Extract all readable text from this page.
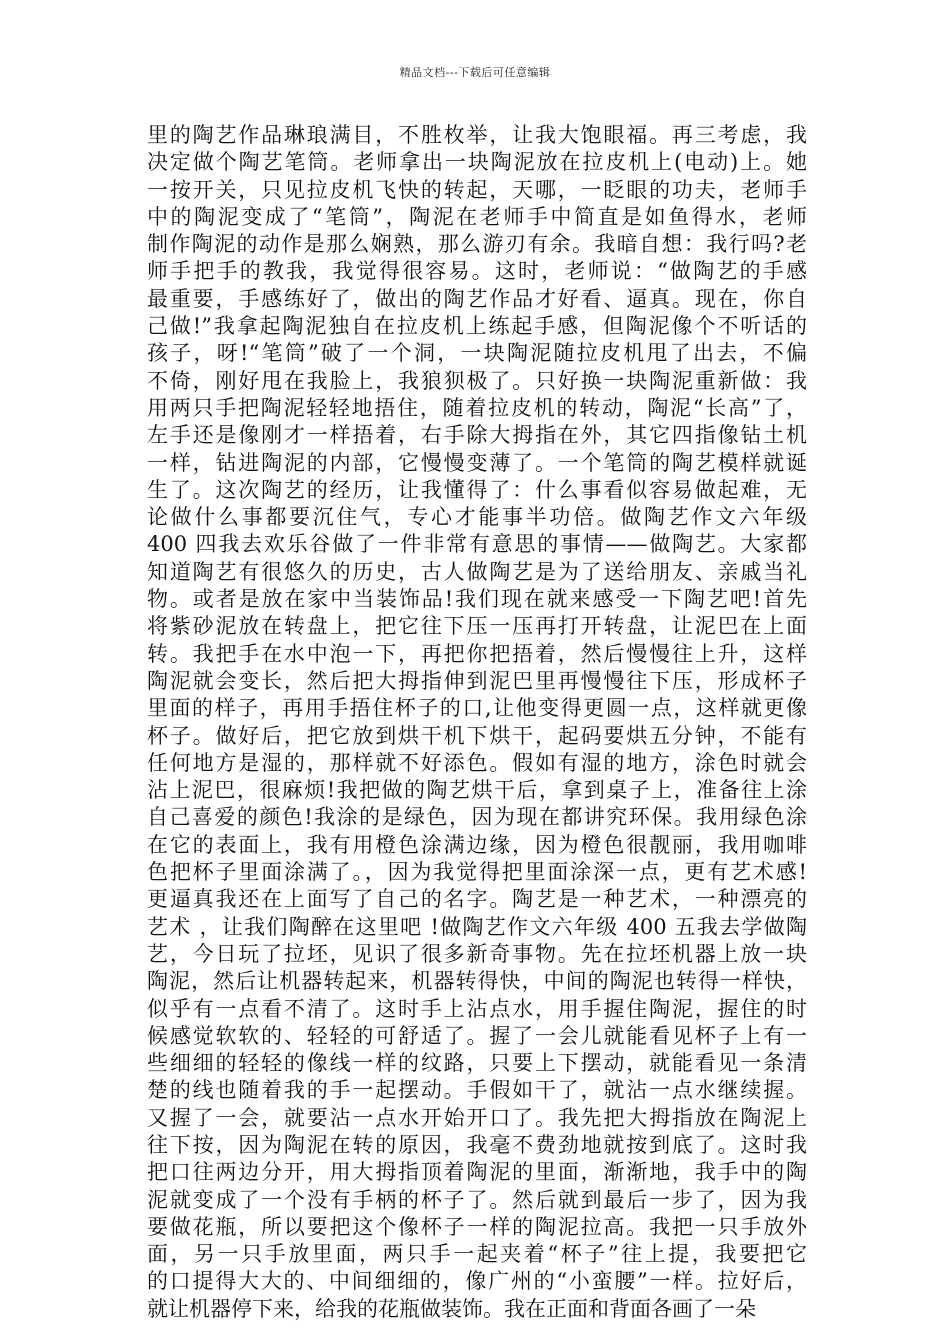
精品文档---下载后可任意编辑
里的陶艺作品琳琅满目，不胜枚举，让我大饱眼福。再三考虑，我
决定做个陶艺笔筒。老师拿出一块陶泥放在拉皮机上(电动)上。她
一按开关，只见拉皮机飞快的转起，天哪，一眨眼的功夫，老师手
中的陶泥变成了“笔筒”，陶泥在老师手中简直是如鱼得水，老师
制作陶泥的动作是那么娴熟，那么游刃有余。我暗自想：我行吗?老
师手把手的教我，我觉得很容易。这时，老师说：“做陶艺的手感
最重要，手感练好了，做出的陶艺作品才好看、逼真。现在，你自
己做!”我拿起陶泥独自在拉皮机上练起手感，但陶泥像个不听话的
孩子，呀!“笔筒”破了一个洞，一块陶泥随拉皮机甩了出去，不偏
不倚，刚好甩在我脸上，我狼狈极了。只好换一块陶泥重新做：我
用两只手把陶泥轻轻地捂住，随着拉皮机的转动，陶泥“长高”了，
左手还是像刚才一样捂着，右手除大拇指在外，其它四指像钻土机
一样，钻进陶泥的内部，它慢慢变薄了。一个笔筒的陶艺模样就诞
生了。这次陶艺的经历，让我懂得了：什么事看似容易做起难，无
论做什么事都要沉住气，专心才能事半功倍。做陶艺作文六年级
400 四我去欢乐谷做了一件非常有意思的事情——做陶艺。大家都
知道陶艺有很悠久的历史，古人做陶艺是为了送给朋友、亲戚当礼
物。或者是放在家中当装饰品!我们现在就来感受一下陶艺吧!首先
将紫砂泥放在转盘上，把它往下压一压再打开转盘，让泥巴在上面
转。我把手在水中泡一下，再把你把捂着，然后慢慢往上升，这样
陶泥就会变长，然后把大拇指伸到泥巴里再慢慢往下压，形成杯子
里面的样子，再用手捂住杯子的口,让他变得更圆一点，这样就更像
杯子。做好后，把它放到烘干机下烘干，起码要烘五分钟，不能有
任何地方是湿的，那样就不好添色。假如有湿的地方，涂色时就会
沾上泥巴，很麻烦!我把做的陶艺烘干后，拿到桌子上，准备往上涂
自己喜爱的颜色!我涂的是绿色，因为现在都讲究环保。我用绿色涂
在它的表面上，我有用橙色涂满边缘，因为橙色很靓丽，我用咖啡
色把杯子里面涂满了。，因为我觉得把里面涂深一点，更有艺术感!
更逼真我还在上面写了自己的名字。陶艺是一种艺术，一种漂亮的
艺术 ，让我们陶醉在这里吧 !做陶艺作文六年级 400 五我去学做陶
艺，今日玩了拉坯，见识了很多新奇事物。先在拉坯机器上放一块
陶泥，然后让机器转起来，机器转得快，中间的陶泥也转得一样快，
似乎有一点看不清了。这时手上沾点水，用手握住陶泥，握住的时
候感觉软软的、轻轻的可舒适了。握了一会儿就能看见杯子上有一
些细细的轻轻的像线一样的纹路，只要上下摆动，就能看见一条清
楚的线也随着我的手一起摆动。手假如干了，就沾一点水继续握。
又握了一会，就要沾一点水开始开口了。我先把大拇指放在陶泥上
往下按，因为陶泥在转的原因，我毫不费劲地就按到底了。这时我
把口往两边分开，用大拇指顶着陶泥的里面，渐渐地，我手中的陶
泥就变成了一个没有手柄的杯子了。然后就到最后一步了，因为我
要做花瓶，所以要把这个像杯子一样的陶泥拉高。我把一只手放外
面，另一只手放里面，两只手一起夹着“杯子”往上提，我要把它
的口提得大大的、中间细细的，像广州的“小蛮腰”一样。拉好后，
就让机器停下来，给我的花瓶做装饰。我在正面和背面各画了一朵
